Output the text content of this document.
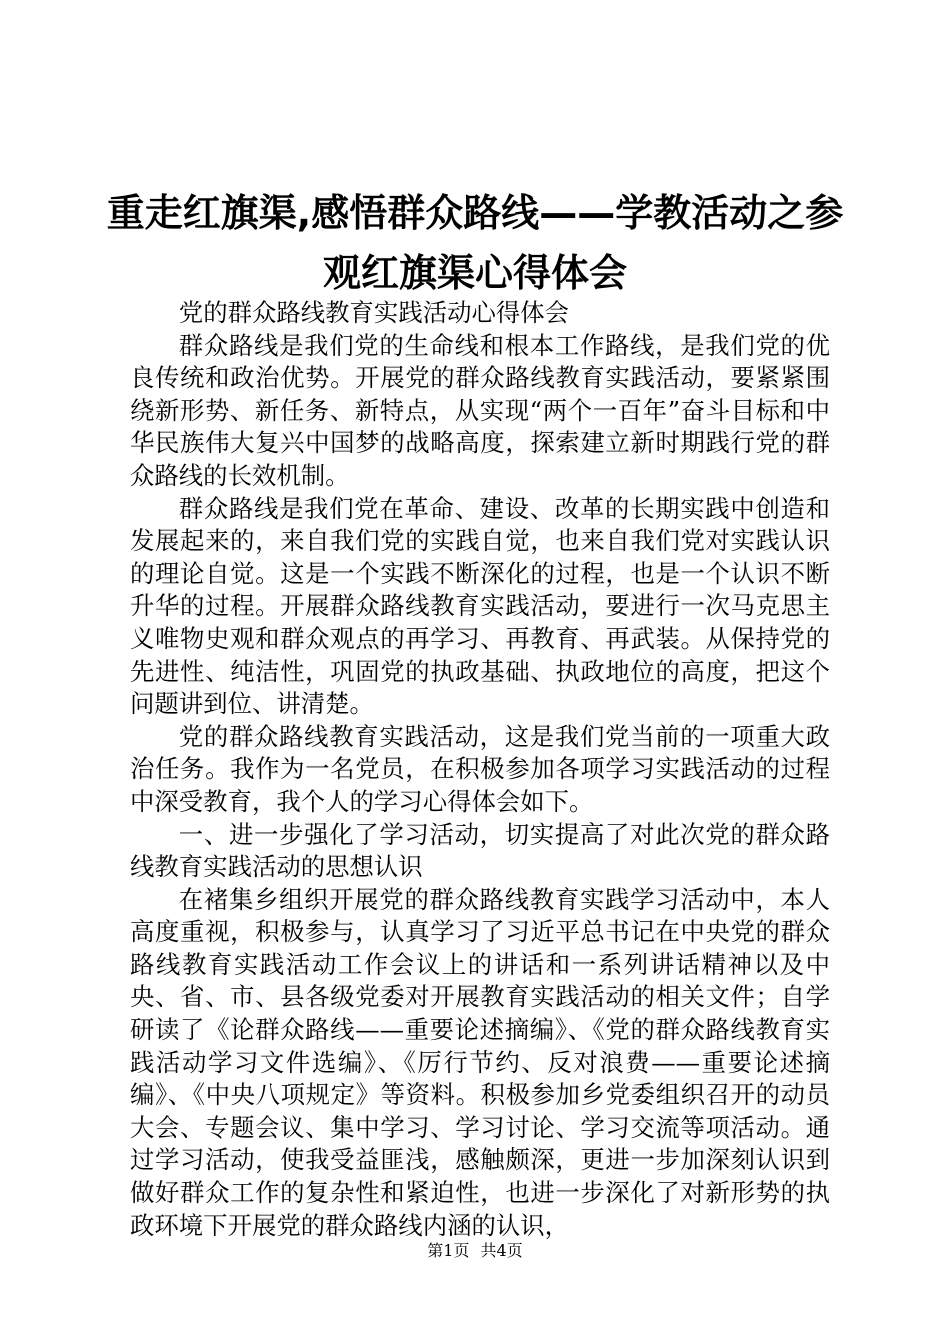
重走红旗渠,感悟群众路线——学教活动之参
观红旗渠心得体会

党的群众路线教育实践活动心得体会

群众路线是我们党的生命线和根本工作路线，是我们党的优良传统和政治优势。开展党的群众路线教育实践活动，要紧紧围绕新形势、新任务、新特点，从实现“两个一百年”奋斗目标和中华民族伟大复兴中国梦的战略高度，探索建立新时期践行党的群众路线的长效机制。

群众路线是我们党在革命、建设、改革的长期实践中创造和发展起来的，来自我们党的实践自觉，也来自我们党对实践认识的理论自觉。这是一个实践不断深化的过程，也是一个认识不断升华的过程。开展群众路线教育实践活动，要进行一次马克思主义唯物史观和群众观点的再学习、再教育、再武装。从保持党的先进性、纯洁性，巩固党的执政基础、执政地位的高度，把这个问题讲到位、讲清楚。

党的群众路线教育实践活动，这是我们党当前的一项重大政治任务。我作为一名党员，在积极参加各项学习实践活动的过程中深受教育，我个人的学习心得体会如下。

一、进一步强化了学习活动，切实提高了对此次党的群众路线教育实践活动的思想认识

在褚集乡组织开展党的群众路线教育实践学习活动中，本人高度重视，积极参与，认真学习了习近平总书记在中央党的群众路线教育实践活动工作会议上的讲话和一系列讲话精神以及中央、省、市、县各级党委对开展教育实践活动的相关文件；自学研读了《论群众路线——重要论述摘编》、《党的群众路线教育实践活动学习文件选编》、《厉行节约、反对浪费——重要论述摘编》、《中央八项规定》等资料。积极参加乡党委组织召开的动员大会、专题会议、集中学习、学习讨论、学习交流等项活动。通过学习活动，使我受益匪浅，感触颇深，更进一步加深刻认识到做好群众工作的复杂性和紧迫性，也进一步深化了对新形势的执政环境下开展党的群众路线内涵的认识，

第1页 共4页
